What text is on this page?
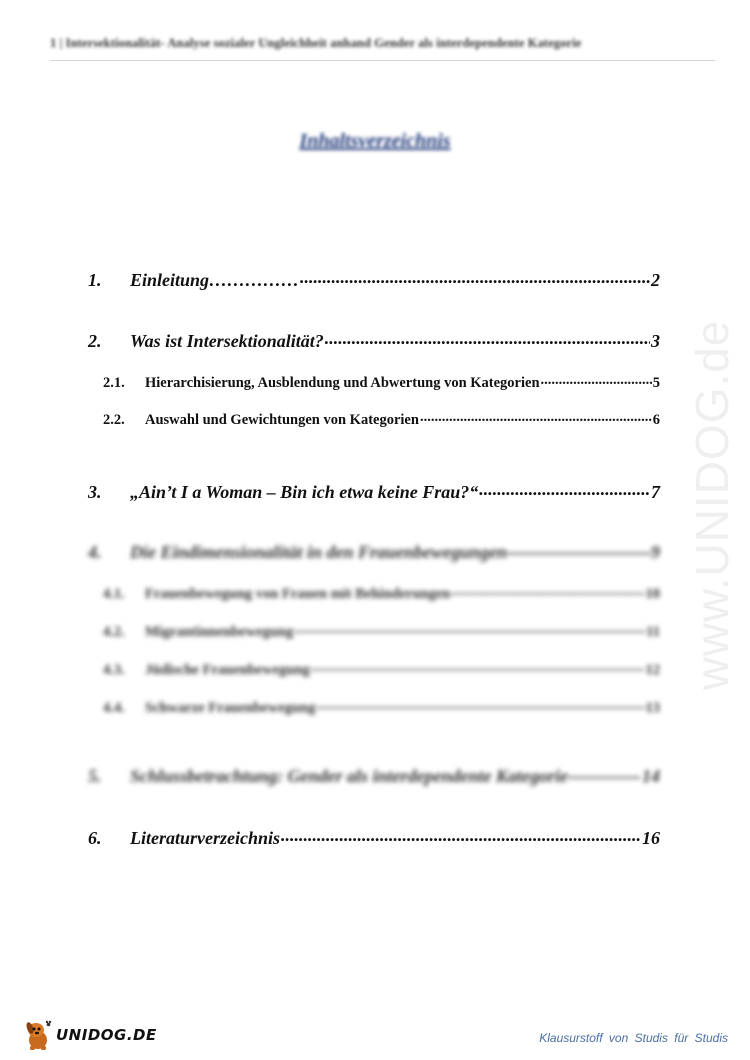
1 | Intersektionalität- Analyse sozialer Ungleichheit anhand Gender als interdependente Kategorie
Inhaltsverzeichnis
1.	Einleitung…………… .....	2
2.	Was ist Intersektionalität? .....	3
2.1.	Hierarchisierung, Ausblendung und Abwertung von Kategorien .....	5
2.2.	Auswahl und Gewichtungen von Kategorien .....	6
3.	„Ain’t I a Woman – Bin ich etwa keine Frau?“ .....	7
4.	Die Eindimensionalität in den Frauenbewegungen .....	9
4.1.	Frauenbewegung von Frauen mit Behinderungen .....	10
4.2.	Migrantinnenbewegung .....	11
4.3.	Jüdische Frauenbewegung .....	12
4.4.	Schwarze Frauenbewegung .....	13
5.	Schlussbetrachtung: Gender als interdependente Kategorie .....	14
6.	Literaturverzeichnis .....	16
www.UNIDOG.de
UNIDOG.DE	Klausurstoff von Studis für Studis
